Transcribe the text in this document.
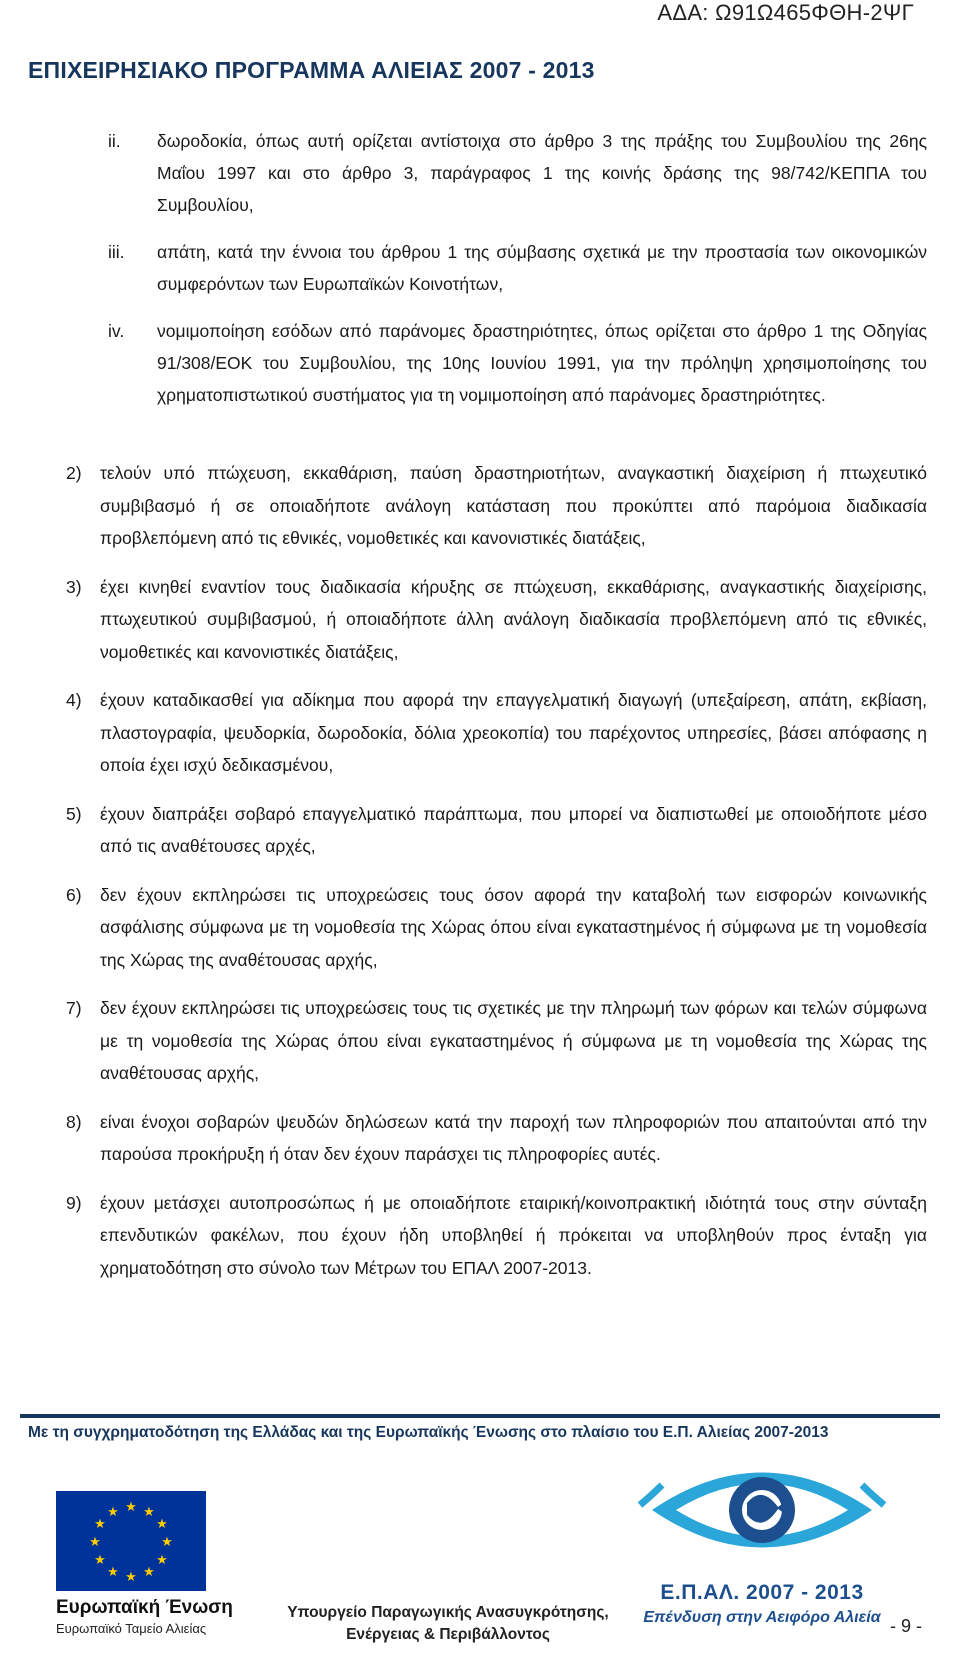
ΑΔΑ: Ω91Ω465ΦΘΗ-2ΨΓ
ΕΠΙΧΕΙΡΗΣΙΑΚΟ ΠΡΟΓΡΑΜΜΑ ΑΛΙΕΙΑΣ 2007 - 2013
ii.	δωροδοκία, όπως αυτή ορίζεται αντίστοιχα στο άρθρο 3 της πράξης του Συμβουλίου της 26ης Μαΐου 1997 και στο άρθρο 3, παράγραφος 1 της κοινής δράσης της 98/742/ΚΕΠΠΑ του Συμβουλίου,
iii.	απάτη, κατά την έννοια του άρθρου 1 της σύμβασης σχετικά με την προστασία των οικονομικών συμφερόντων των Ευρωπαϊκών Κοινοτήτων,
iv.	νομιμοποίηση εσόδων από παράνομες δραστηριότητες, όπως ορίζεται στο άρθρο 1 της Οδηγίας 91/308/ΕΟΚ του Συμβουλίου, της 10ης Ιουνίου 1991, για την πρόληψη χρησιμοποίησης του χρηματοπιστωτικού συστήματος για τη νομιμοποίηση από παράνομες δραστηριότητες.
2)	τελούν υπό πτώχευση, εκκαθάριση, παύση δραστηριοτήτων, αναγκαστική διαχείριση ή πτωχευτικό συμβιβασμό ή σε οποιαδήποτε ανάλογη κατάσταση που προκύπτει από παρόμοια διαδικασία προβλεπόμενη από τις εθνικές, νομοθετικές και κανονιστικές διατάξεις,
3)	έχει κινηθεί εναντίον τους διαδικασία κήρυξης σε πτώχευση, εκκαθάρισης, αναγκαστικής διαχείρισης, πτωχευτικού συμβιβασμού, ή οποιαδήποτε άλλη ανάλογη διαδικασία προβλεπόμενη από τις εθνικές, νομοθετικές και κανονιστικές διατάξεις,
4)	έχουν καταδικασθεί για αδίκημα που αφορά την επαγγελματική διαγωγή (υπεξαίρεση, απάτη, εκβίαση, πλαστογραφία, ψευδορκία, δωροδοκία, δόλια χρεοκοπία) του παρέχοντος υπηρεσίες, βάσει απόφασης η οποία έχει ισχύ δεδικασμένου,
5)	έχουν διαπράξει σοβαρό επαγγελματικό παράπτωμα, που μπορεί να διαπιστωθεί με οποιοδήποτε μέσο από τις αναθέτουσες αρχές,
6)	δεν έχουν εκπληρώσει τις υποχρεώσεις τους όσον αφορά την καταβολή των εισφορών κοινωνικής ασφάλισης σύμφωνα με τη νομοθεσία της Χώρας όπου είναι εγκαταστημένος ή σύμφωνα με τη νομοθεσία της Χώρας της αναθέτουσας αρχής,
7)	δεν έχουν εκπληρώσει τις υποχρεώσεις τους τις σχετικές με την πληρωμή των φόρων και τελών σύμφωνα με τη νομοθεσία της Χώρας όπου είναι εγκαταστημένος ή σύμφωνα με τη νομοθεσία της Χώρας της αναθέτουσας αρχής,
8)	είναι ένοχοι σοβαρών ψευδών δηλώσεων κατά την παροχή των πληροφοριών που απαιτούνται από την παρούσα προκήρυξη ή όταν δεν έχουν παράσχει τις πληροφορίες αυτές.
9)	έχουν μετάσχει αυτοπροσώπως ή με οποιαδήποτε εταιρική/κοινοπρακτική ιδιότητά τους στην σύνταξη επενδυτικών φακέλων, που έχουν ήδη υποβληθεί ή πρόκειται να υποβληθούν προς ένταξη για χρηματοδότηση στο σύνολο των Μέτρων του ΕΠΑΛ 2007-2013.
Με τη συγχρηματοδότηση της Ελλάδας και της Ευρωπαϊκής Ένωσης στο πλαίσιο του Ε.Π. Αλιείας 2007-2013
★ ★
★
★
★
★
★
★
★
★
★
★
Ευρωπαϊκή Ένωση
Ευρωπαϊκό Ταμείο Αλιείας
Υπουργείο Παραγωγικής Ανασυγκρότησης,
Ενέργειας & Περιβάλλοντος
Ε.Π.ΑΛ. 2007 - 2013
Επένδυση στην Αειφόρο Αλιεία - 9 -
